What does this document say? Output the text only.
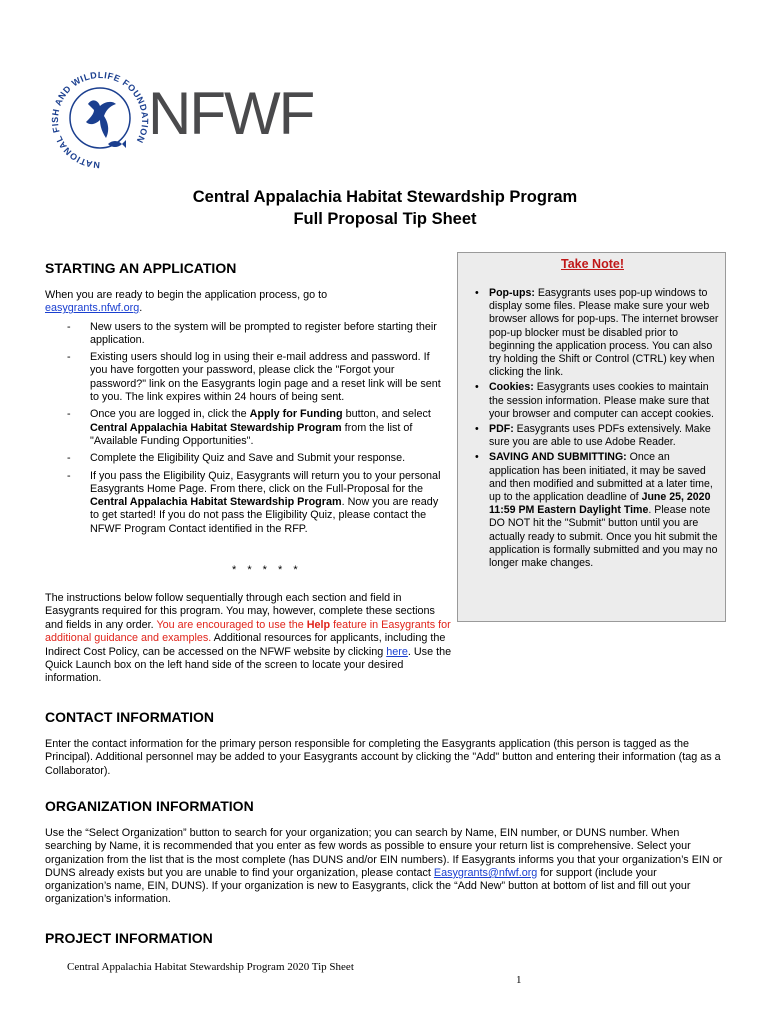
NATIONAL FISH AND WILDLIFE FOUNDATION NFWF
Central Appalachia Habitat Stewardship Program
Full Proposal Tip Sheet
STARTING AN APPLICATION

When you are ready to begin the application process, go to
easygrants.nfwf.org.

- New users to the system will be prompted to register before starting their application.
- Existing users should log in using their e-mail address and password. If you have forgotten your password, please click the "Forgot your password?" link on the Easygrants login page and a reset link will be sent to you. The link expires within 24 hours of being sent.
- Once you are logged in, click the Apply for Funding button, and select Central Appalachia Habitat Stewardship Program from the list of "Available Funding Opportunities".
- Complete the Eligibility Quiz and Save and Submit your response.
- If you pass the Eligibility Quiz, Easygrants will return you to your personal Easygrants Home Page. From there, click on the Full-Proposal for the Central Appalachia Habitat Stewardship Program. Now you are ready to get started! If you do not pass the Eligibility Quiz, please contact the NFWF Program Contact identified in the RFP.
* * * * *
The instructions below follow sequentially through each section and field in Easygrants required for this program. You may, however, complete these sections and fields in any order. You are encouraged to use the Help feature in Easygrants for additional guidance and examples. Additional resources for applicants, including the Indirect Cost Policy, can be accessed on the NFWF website by clicking here. Use the Quick Launch box on the left hand side of the screen to locate your desired information.
Take Note!
• Pop-ups: Easygrants uses pop-up windows to display some files. Please make sure your web browser allows for pop-ups. The internet browser pop-up blocker must be disabled prior to beginning the application process. You can also try holding the Shift or Control (CTRL) key when clicking the link.
• Cookies: Easygrants uses cookies to maintain the session information. Please make sure that your browser and computer can accept cookies.
• PDF: Easygrants uses PDFs extensively. Make sure you are able to use Adobe Reader.
• SAVING AND SUBMITTING: Once an application has been initiated, it may be saved and then modified and submitted at a later time, up to the application deadline of June 25, 2020 11:59 PM Eastern Daylight Time. Please note DO NOT hit the "Submit" button until you are actually ready to submit. Once you hit submit the application is formally submitted and you may no longer make changes.
CONTACT INFORMATION
Enter the contact information for the primary person responsible for completing the Easygrants application (this person is tagged as the Principal). Additional personnel may be added to your Easygrants account by clicking the "Add" button and entering their information (tag as a Collaborator).
ORGANIZATION INFORMATION
Use the “Select Organization” button to search for your organization; you can search by Name, EIN number, or DUNS number. When searching by Name, it is recommended that you enter as few words as possible to ensure your return list is comprehensive. Select your organization from the list that is the most complete (has DUNS and/or EIN numbers). If Easygrants informs you that your organization’s EIN or DUNS already exists but you are unable to find your organization, please contact Easygrants@nfwf.org for support (include your organization’s name, EIN, DUNS). If your organization is new to Easygrants, click the “Add New” button at bottom of list and fill out your organization’s information.
PROJECT INFORMATION
Central Appalachia Habitat Stewardship Program 2020 Tip Sheet
1
